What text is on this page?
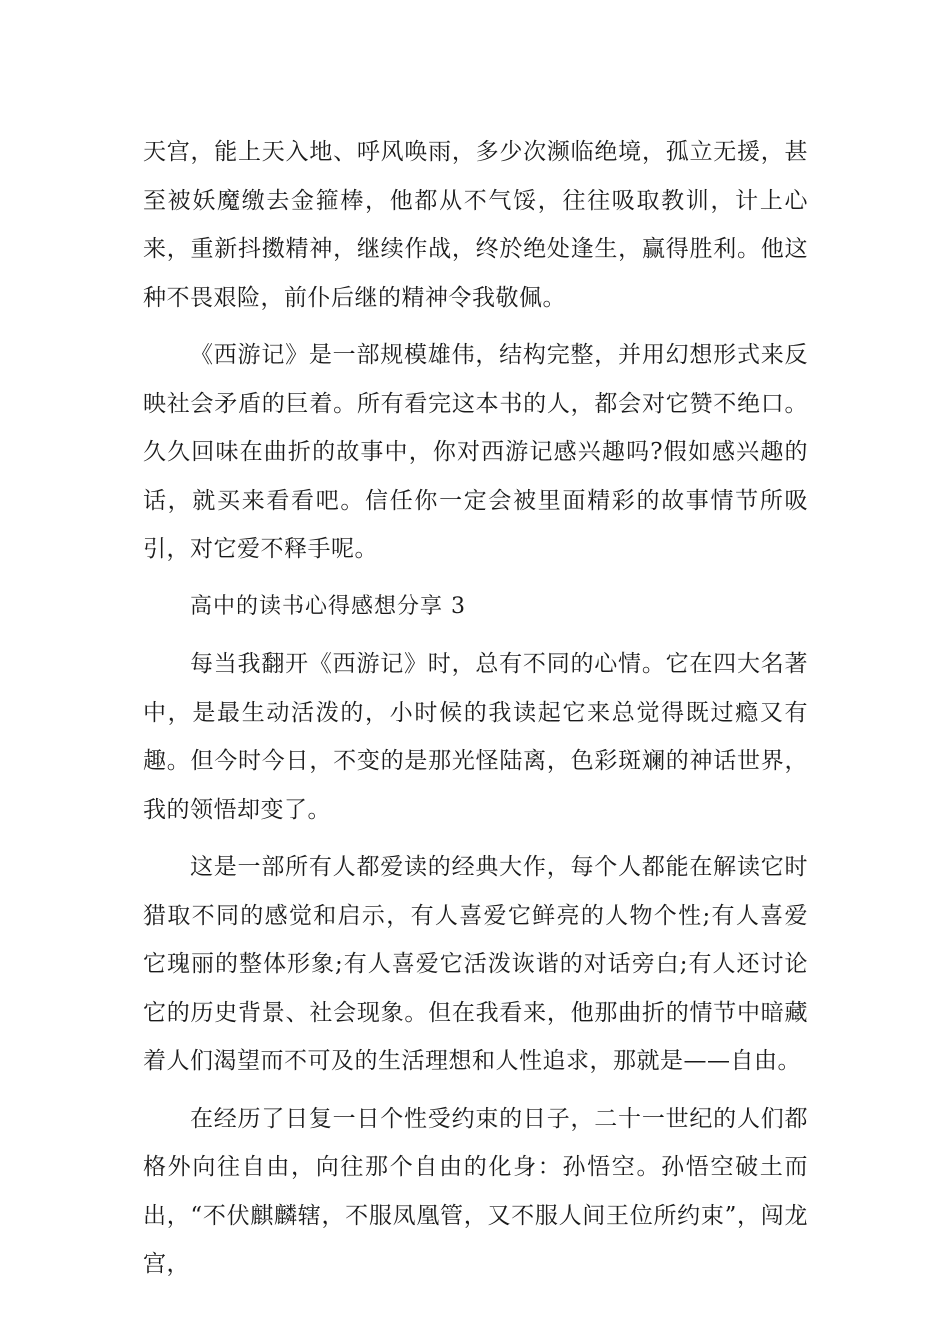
天宫，能上天入地、呼风唤雨，多少次濒临绝境，孤立无援，甚至被妖魔缴去金箍棒，他都从不气馁，往往吸取教训，计上心来，重新抖擞精神，继续作战，终於绝处逢生，赢得胜利。他这种不畏艰险，前仆后继的精神令我敬佩。

《西游记》是一部规模雄伟，结构完整，并用幻想形式来反映社会矛盾的巨着。所有看完这本书的人，都会对它赞不绝口。久久回味在曲折的故事中，你对西游记感兴趣吗?假如感兴趣的话，就买来看看吧。信任你一定会被里面精彩的故事情节所吸引，对它爱不释手呢。

高中的读书心得感想分享 3

每当我翻开《西游记》时，总有不同的心情。它在四大名著中，是最生动活泼的，小时候的我读起它来总觉得既过瘾又有趣。但今时今日，不变的是那光怪陆离，色彩斑斓的神话世界，我的领悟却变了。

这是一部所有人都爱读的经典大作，每个人都能在解读它时猎取不同的感觉和启示，有人喜爱它鲜亮的人物个性;有人喜爱它瑰丽的整体形象;有人喜爱它活泼诙谐的对话旁白;有人还讨论它的历史背景、社会现象。但在我看来，他那曲折的情节中暗藏着人们渴望而不可及的生活理想和人性追求，那就是——自由。

在经历了日复一日个性受约束的日子，二十一世纪的人们都格外向往自由，向往那个自由的化身：孙悟空。孙悟空破土而出，“不伏麒麟辖，不服凤凰管，又不服人间王位所约束”，闯龙宫，
